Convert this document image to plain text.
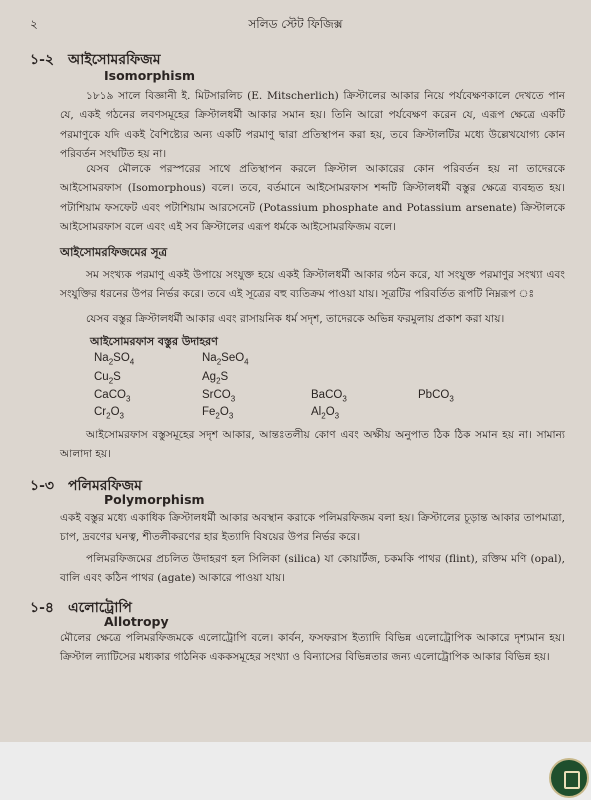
২	সলিড স্টেট ফিজিক্স
১-২ আইসোমরফিজম
Isomorphism
১৮১৯ সালে বিজ্ঞানী ই. মিটসারলিচ (E. Mitscherlich) ক্রিস্টালের আকার নিয়ে পর্যবেক্ষণকালে দেখতে পান যে, একই গঠনের লবণসমূহের ক্রিস্টালধর্মী আকার সমান হয়। তিনি আরো পর্যবেক্ষণ করেন যে, এরূপ ক্ষেত্রে একটি পরমাণুকে যদি একই বৈশিষ্ট্যের অন্য একটি পরমাণু দ্বারা প্রতিস্থাপন করা হয়, তবে ক্রিস্টালটির মধ্যে উল্লেখযোগ্য কোন পরিবর্তন সংঘটিত হয় না।
যেসব মৌলকে পরস্পরের সাথে প্রতিস্থাপন করলে ক্রিস্টাল আকারের কোন পরিবর্তন হয় না তাদেরকে আইসোমরফাস (Isomorphous) বলে। তবে, বর্তমানে আইসোমরফাস শব্দটি ক্রিস্টালধর্মী বস্তুর ক্ষেত্রে ব্যবহৃত হয়। পটাশিয়াম ফসফেট এবং পটাশিয়াম আরসেনেট (Potassium phosphate and Potassium arsenate) ক্রিস্টালকে আইসোমরফাস বলে এবং এই সব ক্রিস্টালের এরূপ ধর্মকে আইসোমরফিজম বলে।
আইসোমরফিজমের সূত্র
সম সংখ্যক পরমাণু একই উপায়ে সংযুক্ত হয়ে একই ক্রিস্টালধর্মী আকার গঠন করে, যা সংযুক্ত পরমাণুর সংখ্যা এবং সংযুক্তির ধরনের উপর নির্ভর করে। তবে এই সূত্রের বহু ব্যতিক্রম পাওয়া যায়। সূত্রটির পরিবর্তিত রূপটি নিম্নরূপ ঃ
যেসব বস্তুর ক্রিস্টালধর্মী আকার এবং রাসায়নিক ধর্ম সদৃশ, তাদেরকে অভিন্ন ফরমুলায় প্রকাশ করা যায়।
আইসোমরফাস বস্তুর উদাহরণ
$Na_2SO_4$	$Na_2SeO_4$
$Cu_2S$	$Ag_2S$
CaCO$_3$	SrCO$_3$	BaCO$_3$	PbCO$_3$
$Cr_2O_3$	$Fe_2O_3$	$Al_2O_3$
আইসোমরফাস বস্তুসমূহের সদৃশ আকার, আন্তঃতলীয় কোণ এবং অক্ষীয় অনুপাত ঠিক ঠিক সমান হয় না। সামান্য আলাদা হয়।
১-৩ পলিমরফিজম
Polymorphism
একই বস্তুর মধ্যে একাধিক ক্রিস্টালধর্মী আকার অবস্থান করাকে পলিমরফিজম বলা হয়। ক্রিস্টালের চূড়ান্ত আকার তাপমাত্রা, চাপ, দ্রবণের ঘনত্ব, শীতলীকরণের হার ইত্যাদি বিষয়ের উপর নির্ভর করে।
পলিমরফিজমের প্রচলিত উদাহরণ হল সিলিকা (silica) যা কোয়ার্টজ, চকমকি পাথর (flint), রক্তিম মণি (opal), বালি এবং কঠিন পাথর (agate) আকারে পাওয়া যায়।
১-৪ এলোট্রোপি
Allotropy
মৌলের ক্ষেত্রে পলিমরফিজমকে এলোট্রোপি বলে। কার্বন, ফসফরাস ইত্যাদি বিভিন্ন এলোট্রোপিক আকারে দৃশ্যমান হয়। ক্রিস্টাল ল্যাটিসের মধ্যকার গাঠনিক এককসমূহের সংখ্যা ও বিন্যাসের বিভিন্নতার জন্য এলোট্রোপিক আকার বিভিন্ন হয়।
